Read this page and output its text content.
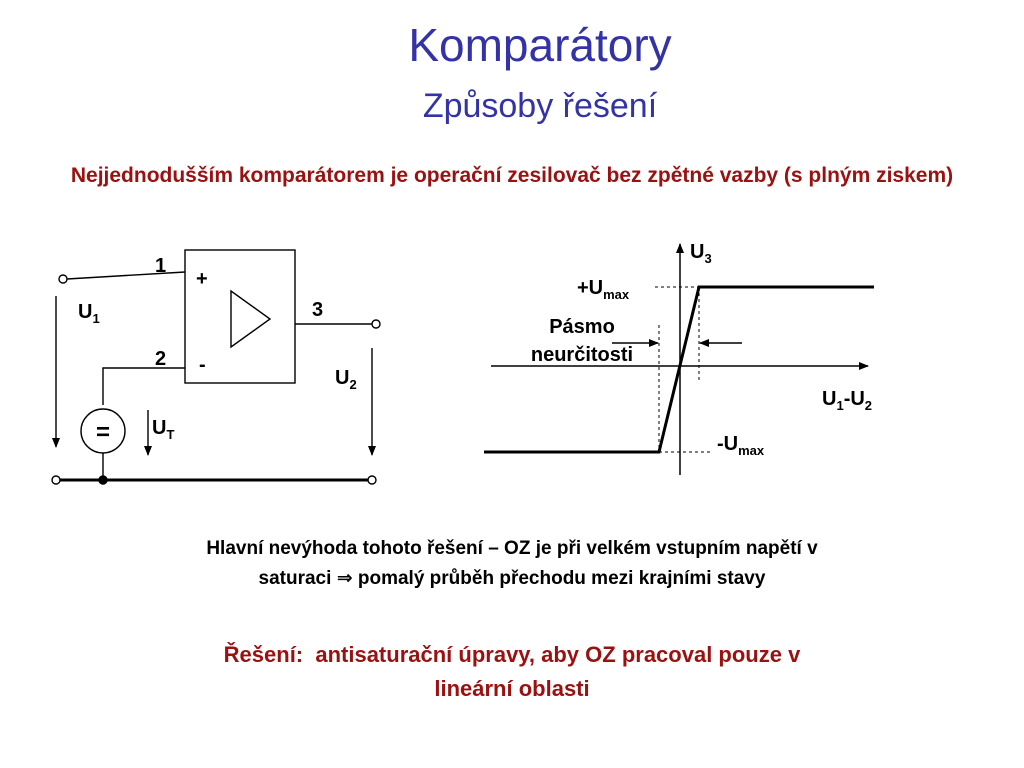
Komparátory
Způsoby řešení
Nejjednodušším komparátorem je operační zesilovač bez zpětné vazby (s plným ziskem)
1
2
3
+
-
$U_1$
$U_2$
$U_T$
=
$U_3$
$+U_{max}$
$-U_{max}$
$U_1-U_2$
Pásmo
neurčitosti
Hlavní nevýhoda tohoto řešení – OZ je při velkém vstupním napětí v
saturaci ⇒ pomalý průběh přechodu mezi krajními stavy
Řešení:  antisaturační úpravy, aby OZ pracoval pouze v
lineární oblasti
